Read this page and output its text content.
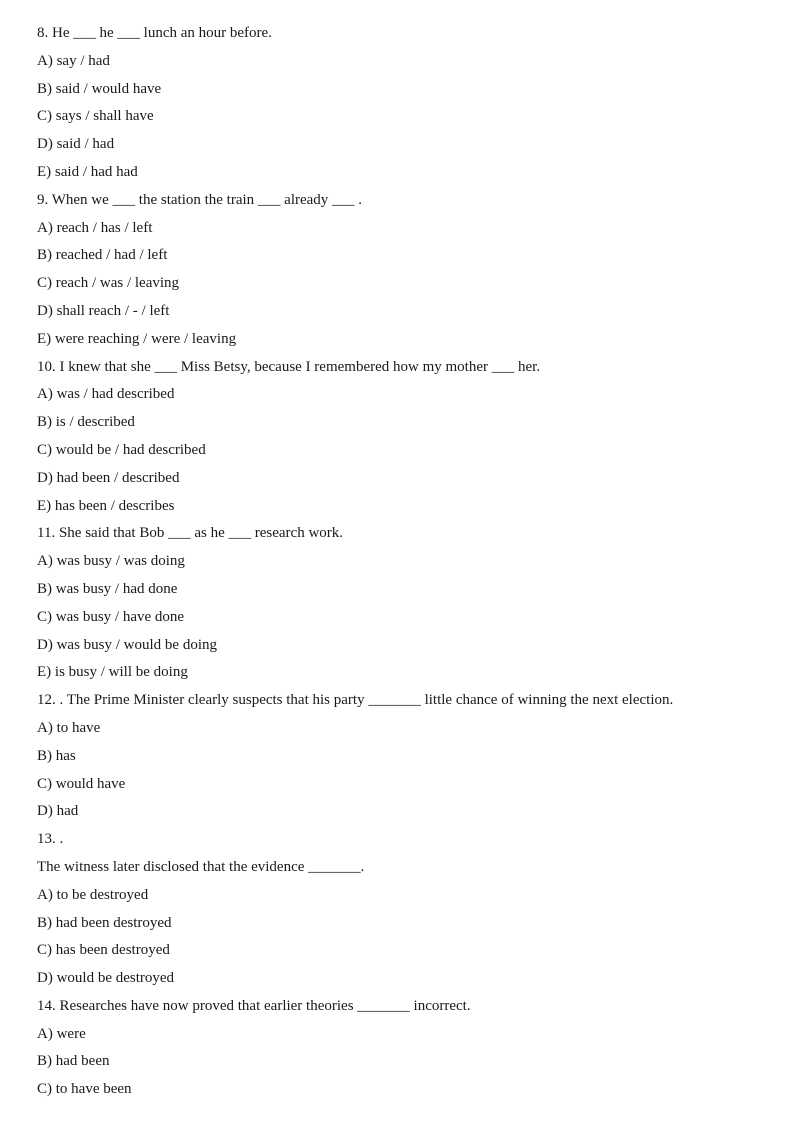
8. He ___ he ___ lunch an hour before.
A) say / had
B) said / would have
C) says / shall have
D) said / had
E) said / had had
9. When we ___ the station the train ___ already ___ .
A) reach / has / left
B) reached / had / left
C) reach / was / leaving
D) shall reach / - / left
E) were reaching / were / leaving
10. I knew that she ___ Miss Betsy, because I remembered how my mother ___ her.
A) was / had described
B) is / described
C) would be / had described
D) had been / described
E) has been / describes
11. She said that Bob ___ as he ___ research work.
A) was busy / was doing
B) was busy / had done
C) was busy / have done
D) was busy / would be doing
E) is busy / will be doing
12. . The Prime Minister clearly suspects that his party _______ little chance of winning the next election.
A) to have
B) has
C) would have
D) had
13. .
The witness later disclosed that the evidence _______.
A) to be destroyed
B) had been destroyed
C) has been destroyed
D) would be destroyed
14. Researches have now proved that earlier theories _______ incorrect.
A) were
B) had been
C) to have been
